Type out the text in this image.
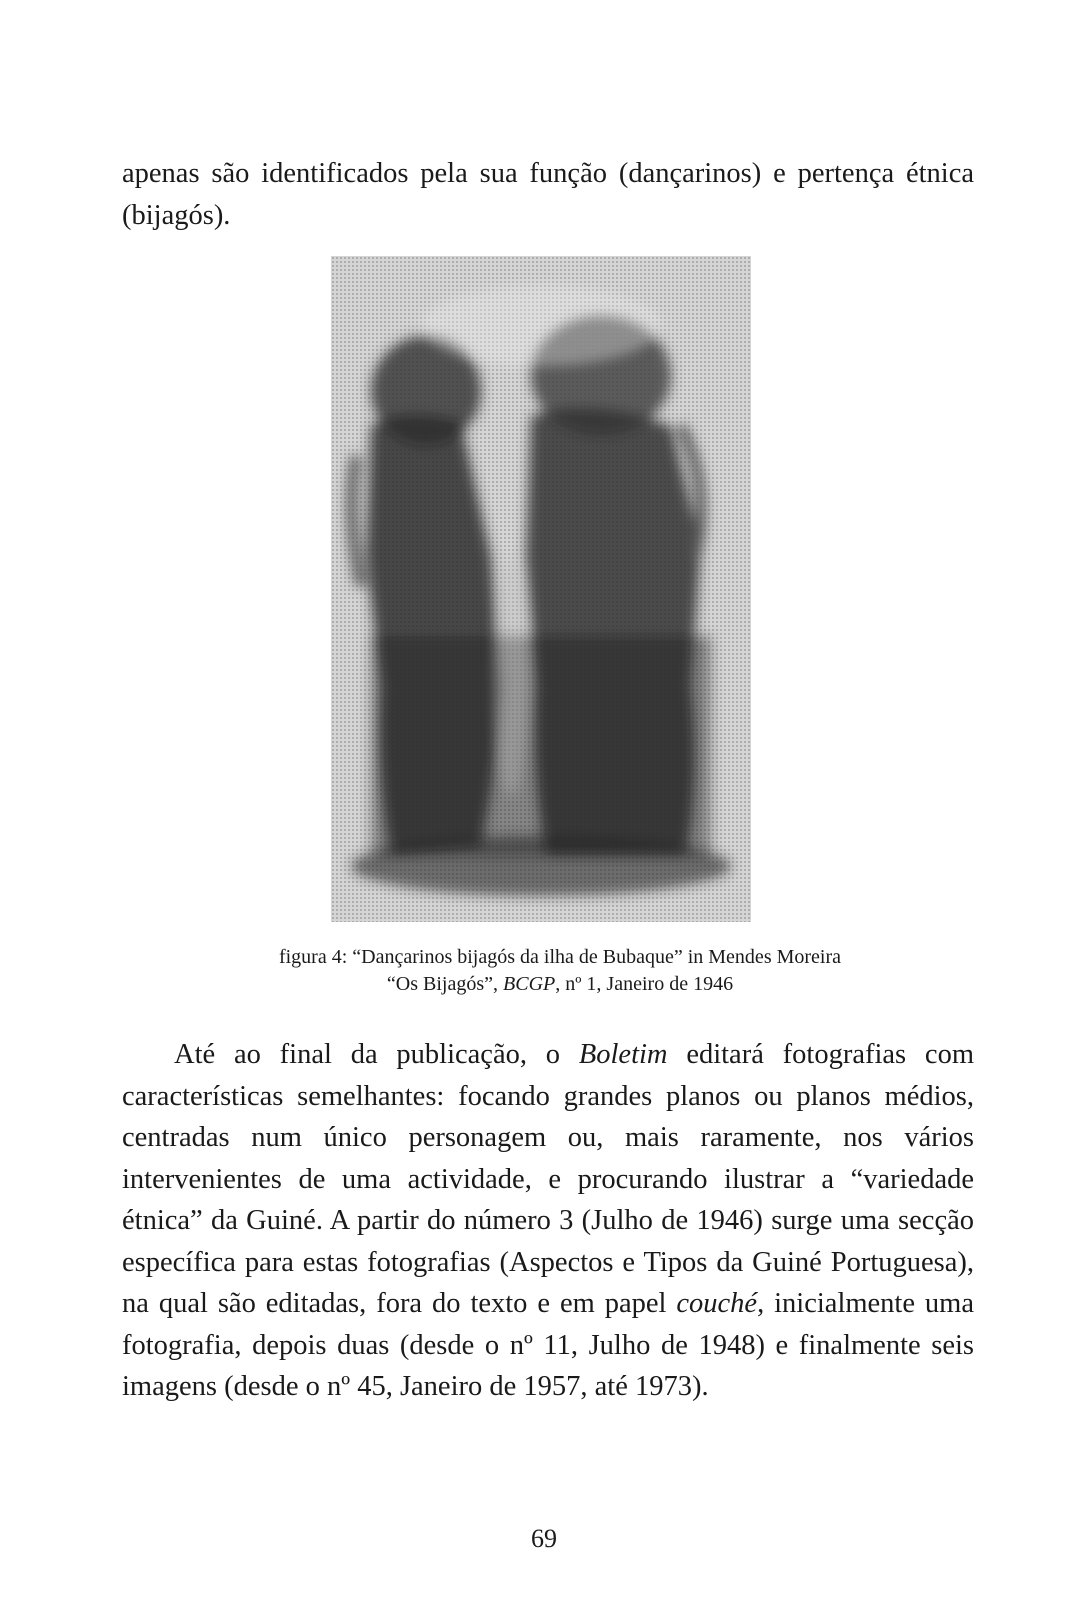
apenas são identificados pela sua função (dançarinos) e pertença étnica (bijagós).

figura 4: “Dançarinos bijagós da ilha de Bubaque” in Mendes Moreira

“Os Bijagós”, BCGP, nº 1, Janeiro de 1946

Até ao final da publicação, o Boletim editará fotografias com características semelhantes: focando grandes planos ou planos médios, centradas num único personagem ou, mais raramente, nos vários intervenientes de uma actividade, e procurando ilustrar a “variedade étnica” da Guiné. A partir do número 3 (Julho de 1946) surge uma secção específica para estas fotografias (Aspectos e Tipos da Guiné Portuguesa), na qual são editadas, fora do texto e em papel couché, inicialmente uma fotografia, depois duas (desde o nº 11, Julho de 1948) e finalmente seis imagens (desde o nº 45, Janeiro de 1957, até 1973).

69
